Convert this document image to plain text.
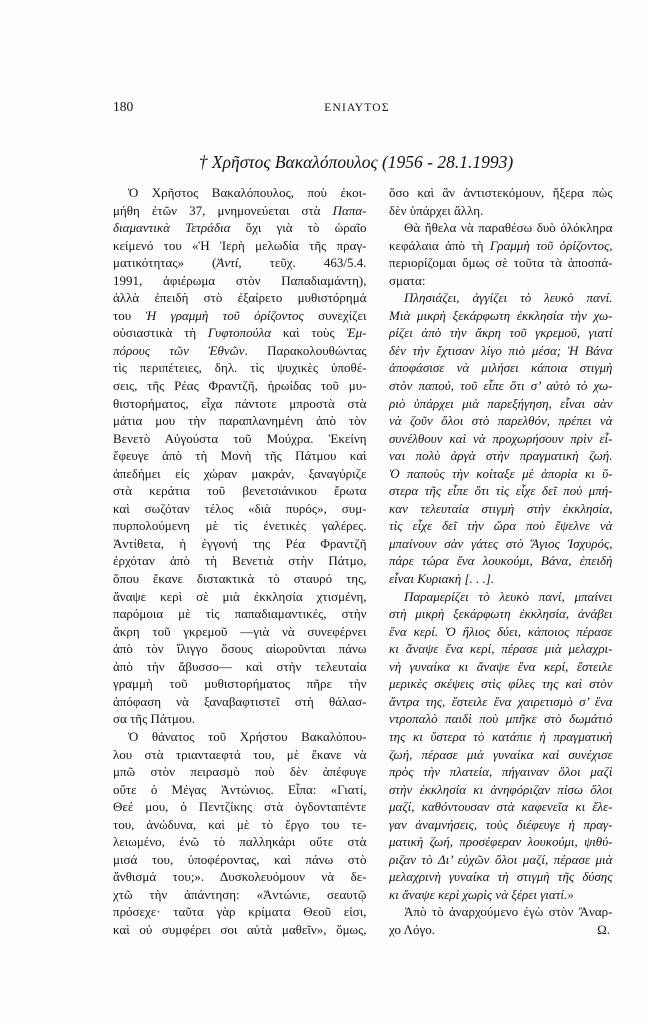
180	ΕΝΙΑΥΤΟΣ
† Χρῆστος Βακαλόπουλος (1956 - 28.1.1993)
Ὁ Χρῆστος Βακαλόπουλος, ποὺ ἐκοι-
μήθη ἐτῶν 37, μνημονεύεται στὰ Παπα-
διαμαντικὰ Τετράδια ὄχι γιὰ τὸ ὡραῖο
κείμενό του «Ἡ Ἱερὴ μελωδία τῆς πραγ-
ματικότητας» (Ἀντί, τεῦχ. 463/5.4.
1991, ἀφιέρωμα στὸν Παπαδιαμάντη),
ἀλλὰ ἐπειδὴ στὸ ἐξαίρετο μυθιστόρημά
του Ἡ γραμμὴ τοῦ ὁρίζοντος συνεχίζει
οὐσιαστικὰ τὴ Γυφτοπούλα καὶ τοὺς Ἐμ-
πόρους τῶν Ἐθνῶν. Παρακολουθώντας
τὶς περιπέτειες, δηλ. τὶς ψυχικὲς ὑποθέ-
σεις, τῆς Ρέας Φραντζῆ, ἡρωίδας τοῦ μυ-
θιστορήματος, εἶχα πάντοτε μπροστὰ στὰ
μάτια μου τὴν παραπλανημένη ἀπὸ τὸν
Βενετὸ Αὐγούστα τοῦ Μούχρα. Ἐκείνη
ἔφευγε ἀπὸ τὴ Μονὴ τῆς Πάτμου καὶ
ἀπεδήμει εἰς χώραν μακράν, ξαναγύριζε
στὰ κεράτια τοῦ βενετσιάνικου ἔρωτα
καὶ σωζόταν τέλος «διὰ πυρός», συμ-
πυρπολούμενη μὲ τὶς ἐνετικὲς γαλέρες.
Ἀντίθετα, ἡ ἐγγονή της Ρέα Φραντζῆ
ἐρχόταν ἀπὸ τὴ Βενετιὰ στὴν Πάτμο,
ὅπου ἔκανε διστακτικὰ τὸ σταυρό της,
ἄναψε κερὶ σὲ μιὰ ἐκκλησία χτισμένη,
παρόμοια μὲ τὶς παπαδιαμαντικές, στὴν
ἄκρη τοῦ γκρεμοῦ —γιὰ νὰ συνεφέρνει
ἀπὸ τὸν ἴλιγγο ὅσους αἰωροῦνται πάνω
ἀπὸ τὴν ἄβυσσο— καὶ στὴν τελευταία
γραμμὴ τοῦ μυθιστορήματος πῆρε τὴν
ἀπόφαση νὰ ξαναβαφτιστεῖ στὴ θάλασ-
σα τῆς Πάτμου.
Ὁ θάνατος τοῦ Χρήστου Βακαλόπου-
λου στὰ τριανταεφτά του, μὲ ἔκανε νὰ
μπῶ στὸν πειρασμὸ ποὺ δὲν ἀπέφυγε
οὔτε ὁ Μέγας Ἀντώνιος. Εἶπα: «Γιατί,
Θεέ μου, ὁ Πεντζίκης στὰ ὀγδονταπέντε
του, ἀνώδυνα, καὶ μὲ τὸ ἔργο του τε-
λειωμένο, ἐνῶ τὸ παλληκάρι οὔτε στὰ
μισά του, ὑποφέροντας, καὶ πάνω στὸ
ἄνθισμά του;». Δυσκολευόμουν νὰ δε-
χτῶ τὴν ἀπάντηση: «Ἀντώνιε, σεαυτῷ
πρόσεχε· ταῦτα γὰρ κρίματα Θεοῦ εἰσι,
καὶ οὐ συμφέρει σοι αὐτὰ μαθεῖν», ὅμως,
ὅσο καὶ ἂν ἀντιστεκόμουν, ἤξερα πὼς
δὲν ὑπάρχει ἄλλη.
Θὰ ἤθελα νὰ παραθέσω δυὸ ὁλόκληρα
κεφάλαια ἀπὸ τὴ Γραμμὴ τοῦ ὁρίζοντος,
περιορίζομαι ὅμως σὲ τοῦτα τὰ ἀποσπά-
σματα:
Πλησιάζει, ἀγγίζει τὸ λευκὸ πανί.
Μιὰ μικρὴ ξεκάρφωτη ἐκκλησία τὴν χω-
ρίζει ἀπὸ τὴν ἄκρη τοῦ γκρεμοῦ, γιατί
δὲν τὴν ἔχτισαν λίγο πιὸ μέσα; Ἡ Βάνα
ἀποφάσισε νὰ μιλήσει κάποια στιγμὴ
στὸν παπού, τοῦ εἶπε ὅτι σ’ αὐτὸ τὸ χω-
ριὸ ὑπάρχει μιὰ παρεξήγηση, εἶναι σὰν
νὰ ζοῦν ὅλοι στὸ παρελθόν, πρέπει νὰ
συνέλθουν καὶ νὰ προχωρήσουν πρὶν εἶ-
ναι πολὺ ἀργὰ στὴν πραγματικὴ ζωή.
Ὁ παποὺς τὴν κοίταξε μὲ ἀπορία κι ὕ-
στερα τῆς εἶπε ὅτι τὶς εἶχε δεῖ ποὺ μπή-
καν τελευταία στιγμὴ στὴν ἐκκλησία,
τὶς εἶχε δεῖ τὴν ὥρα ποὺ ἔψελνε νὰ
μπαίνουν σὰν γάτες στὸ Ἅγιος Ἰσχυρός,
πάρε τώρα ἕνα λουκούμι, Βάνα, ἐπειδὴ
εἶναι Κυριακὴ [. . .].
Παραμερίζει τὸ λευκὸ πανί, μπαίνει
στὴ μικρὴ ξεκάρφωτη ἐκκλησία, ἀνάβει
ἕνα κερί. Ὁ ἥλιος δύει, κάποιος πέρασε
κι ἄναψε ἕνα κερί, πέρασε μιὰ μελαχρι-
νὴ γυναίκα κι ἄναψε ἕνα κερί, ἔστειλε
μερικὲς σκέψεις στὶς φίλες της καὶ στὸν
ἄντρα της, ἔστειλε ἕνα χαιρετισμὸ σ’ ἕνα
ντροπαλὸ παιδὶ ποὺ μπῆκε στὸ δωμάτιό
της κι ὕστερα τὸ κατάπιε ἡ πραγματικὴ
ζωή, πέρασε μιὰ γυναίκα καὶ συνέχισε
πρὸς τὴν πλατεία, πήγαιναν ὅλοι μαζὶ
στὴν ἐκκλησία κι ἀνηφόριζαν πίσω ὅλοι
μαζί, καθόντουσαν στὰ καφενεῖα κι ἔλε-
γαν ἀναμνήσεις, τοὺς διέφευγε ἡ πραγ-
ματικὴ ζωή, προσέφεραν λουκούμι, ψιθύ-
ριζαν τὸ Δι’ εὐχῶν ὅλοι μαζί, πέρασε μιὰ
μελαχρινὴ γυναίκα τὴ στιγμὴ τῆς δύσης
κι ἄναψε κερὶ χωρὶς νὰ ξέρει γιατί.»
Ἀπὸ τὸ ἀναρχούμενο ἐγὼ στὸν Ἄναρ-
χο Λόγο.	Ω.
